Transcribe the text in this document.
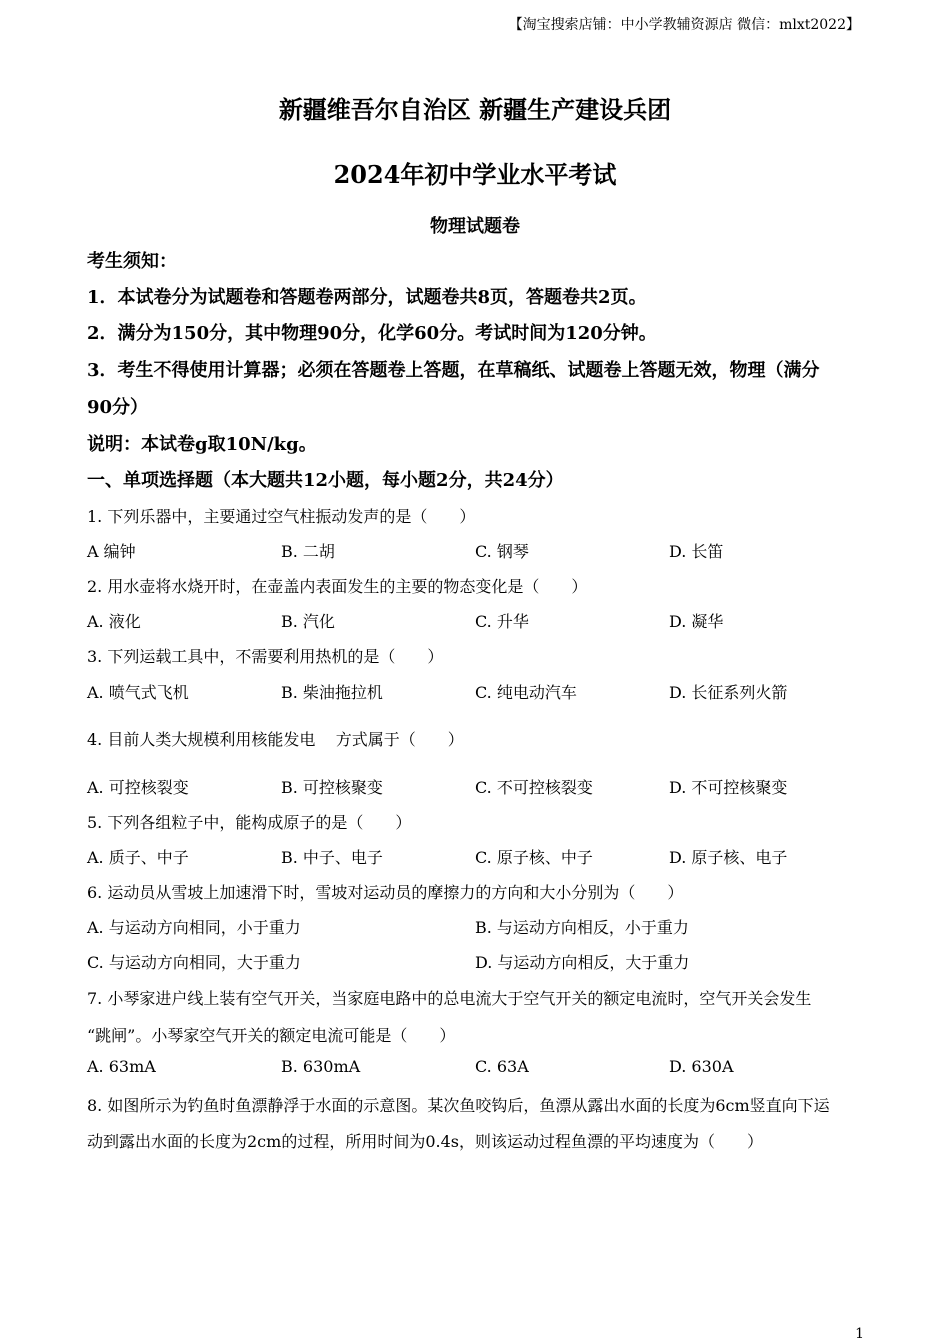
【淘宝搜索店铺：中小学教辅资源店 微信：mlxt2022】
新疆维吾尔自治区 新疆生产建设兵团
2024年初中学业水平考试
物理试题卷
考生须知：
1．本试卷分为试题卷和答题卷两部分，试题卷共8页，答题卷共2页。
2．满分为150分，其中物理90分，化学60分。考试时间为120分钟。
3．考生不得使用计算器；必须在答题卷上答题，在草稿纸、试题卷上答题无效，物理（满分
90分）
说明：本试卷g取10N/kg。
一、单项选择题（本大题共12小题，每小题2分，共24分）
1. 下列乐器中，主要通过空气柱振动发声的是（　　）
A 编钟	B. 二胡	C. 钢琴	D. 长笛
2. 用水壶将水烧开时，在壶盖内表面发生的主要的物态变化是（　　）
A. 液化	B. 汽化	C. 升华	D. 凝华
3. 下列运载工具中，不需要利用热机的是（　　）
A. 喷气式飞机	B. 柴油拖拉机	C. 纯电动汽车	D. 长征系列火箭
4. 目前人类大规模利用核能发电    方式属于（　　）
A. 可控核裂变	B. 可控核聚变	C. 不可控核裂变	D. 不可控核聚变
5. 下列各组粒子中，能构成原子的是（　　）
A. 质子、中子	B. 中子、电子	C. 原子核、中子	D. 原子核、电子
6. 运动员从雪坡上加速滑下时，雪坡对运动员的摩擦力的方向和大小分别为（　　）
A. 与运动方向相同，小于重力	B. 与运动方向相反，小于重力
C. 与运动方向相同，大于重力	D. 与运动方向相反，大于重力
7. 小琴家进户线上装有空气开关，当家庭电路中的总电流大于空气开关的额定电流时，空气开关会发生
“跳闸”。小琴家空气开关的额定电流可能是（　　）
A. 63mA	B. 630mA	C. 63A	D. 630A
8. 如图所示为钓鱼时鱼漂静浮于水面的示意图。某次鱼咬钩后，鱼漂从露出水面的长度为6cm竖直向下运
动到露出水面的长度为2cm的过程，所用时间为0.4s，则该运动过程鱼漂的平均速度为（　　）
1
